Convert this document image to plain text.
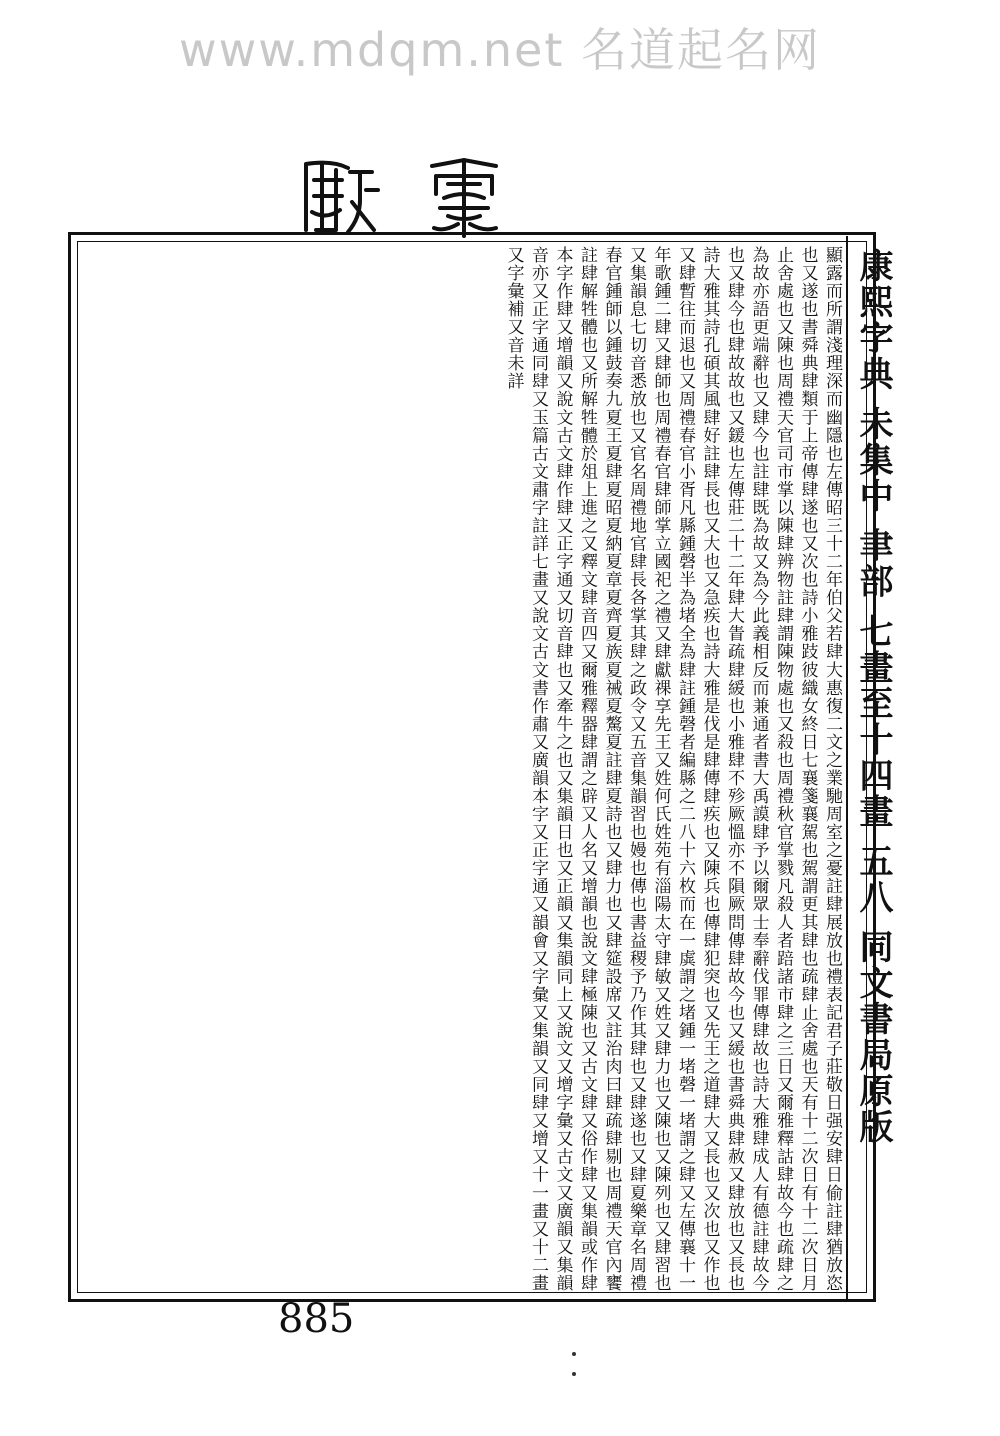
www.mdqm.net 名道起名网
康熙字典 未集中 聿部 七畫至十四畫 五八 同文書局原版

顯露而所謂淺理深而幽隱也左傳昭三十二年伯父若肆大惠復二文之業馳周室之憂註肆展放也禮表記君子莊敬日强安肆日偷註肆猶放恣也又遂也書舜典肆類于上帝傳肆遂也又次也詩小雅跂彼織女終日七襄箋襄駕也駕謂更其肆也疏肆止舍處也天有十二次日有十二次日月止舍處也又陳也周禮天官司市掌以陳肆辨物註肆謂陳物處也又殺也周禮秋官掌戮凡殺人者踣諸市肆之三日又爾雅釋詁肆故今也疏肆之為故亦語更端辭也又肆今也註肆既為故又為今此義相反而兼通者書大禹謨肆予以爾眾士奉辭伐罪傳肆故也詩大雅肆成人有德註肆故今也又肆今也肆故故也又鍰也左傳莊二十二年肆大眚疏肆緩也小雅肆不殄厥慍亦不隕厥問傳肆故今也又緩也書舜典肆赦又肆放也又長也詩大雅其詩孔碩其風肆好註肆長也又大也又急疾也詩大雅是伐是肆傳肆疾也又陳兵也傳肆犯突也又先王之道肆大又長也又次也又作也又肆暫往而退也又周禮春官小胥凡縣鍾磬半為堵全為肆註鍾磬者編縣之二八十六枚而在一虡謂之堵鍾一堵磬一堵謂之肆又左傳襄十一年歌鍾二肆又肆師也周禮春官肆師掌立國祀之禮又肆獻祼享先王又姓何氏姓苑有淄陽太守肆敏又姓又肆力也又陳也又陳列也又肆習也又集韻息七切音悉放也又官名周禮地官肆長各掌其肆之政令又五音集韻習也嫚也傳也書益稷予乃作其肆也又肆遂也又肆夏樂章名周禮春官鍾師以鍾鼓奏九夏王夏肆夏昭夏納夏章夏齊夏族夏祴夏驁夏註肆夏詩也又肆力也又肆筵設席又註治肉曰肆疏肆剔也周禮天官內饔註肆解牲體也又所解牲體於俎上進之又釋文肆音四又爾雅釋器肆謂之辟又人名又增韻也說文肆極陳也又古文肆又俗作肆又集韻或作肆本字作肆又增韻又說文古文肆作肆又正字通又切音肆也又牽牛之也又集韻日也又正韻又集韻同上又說文又增字彙又古文又廣韻又集韻音亦又正字通同肆又玉篇古文肅字註詳七畫又說文古文書作肅又廣韻本字又正字通又韻會又字彙又集韻又同肆又增又十一畫又十二畫又字彙補又音未詳

885
